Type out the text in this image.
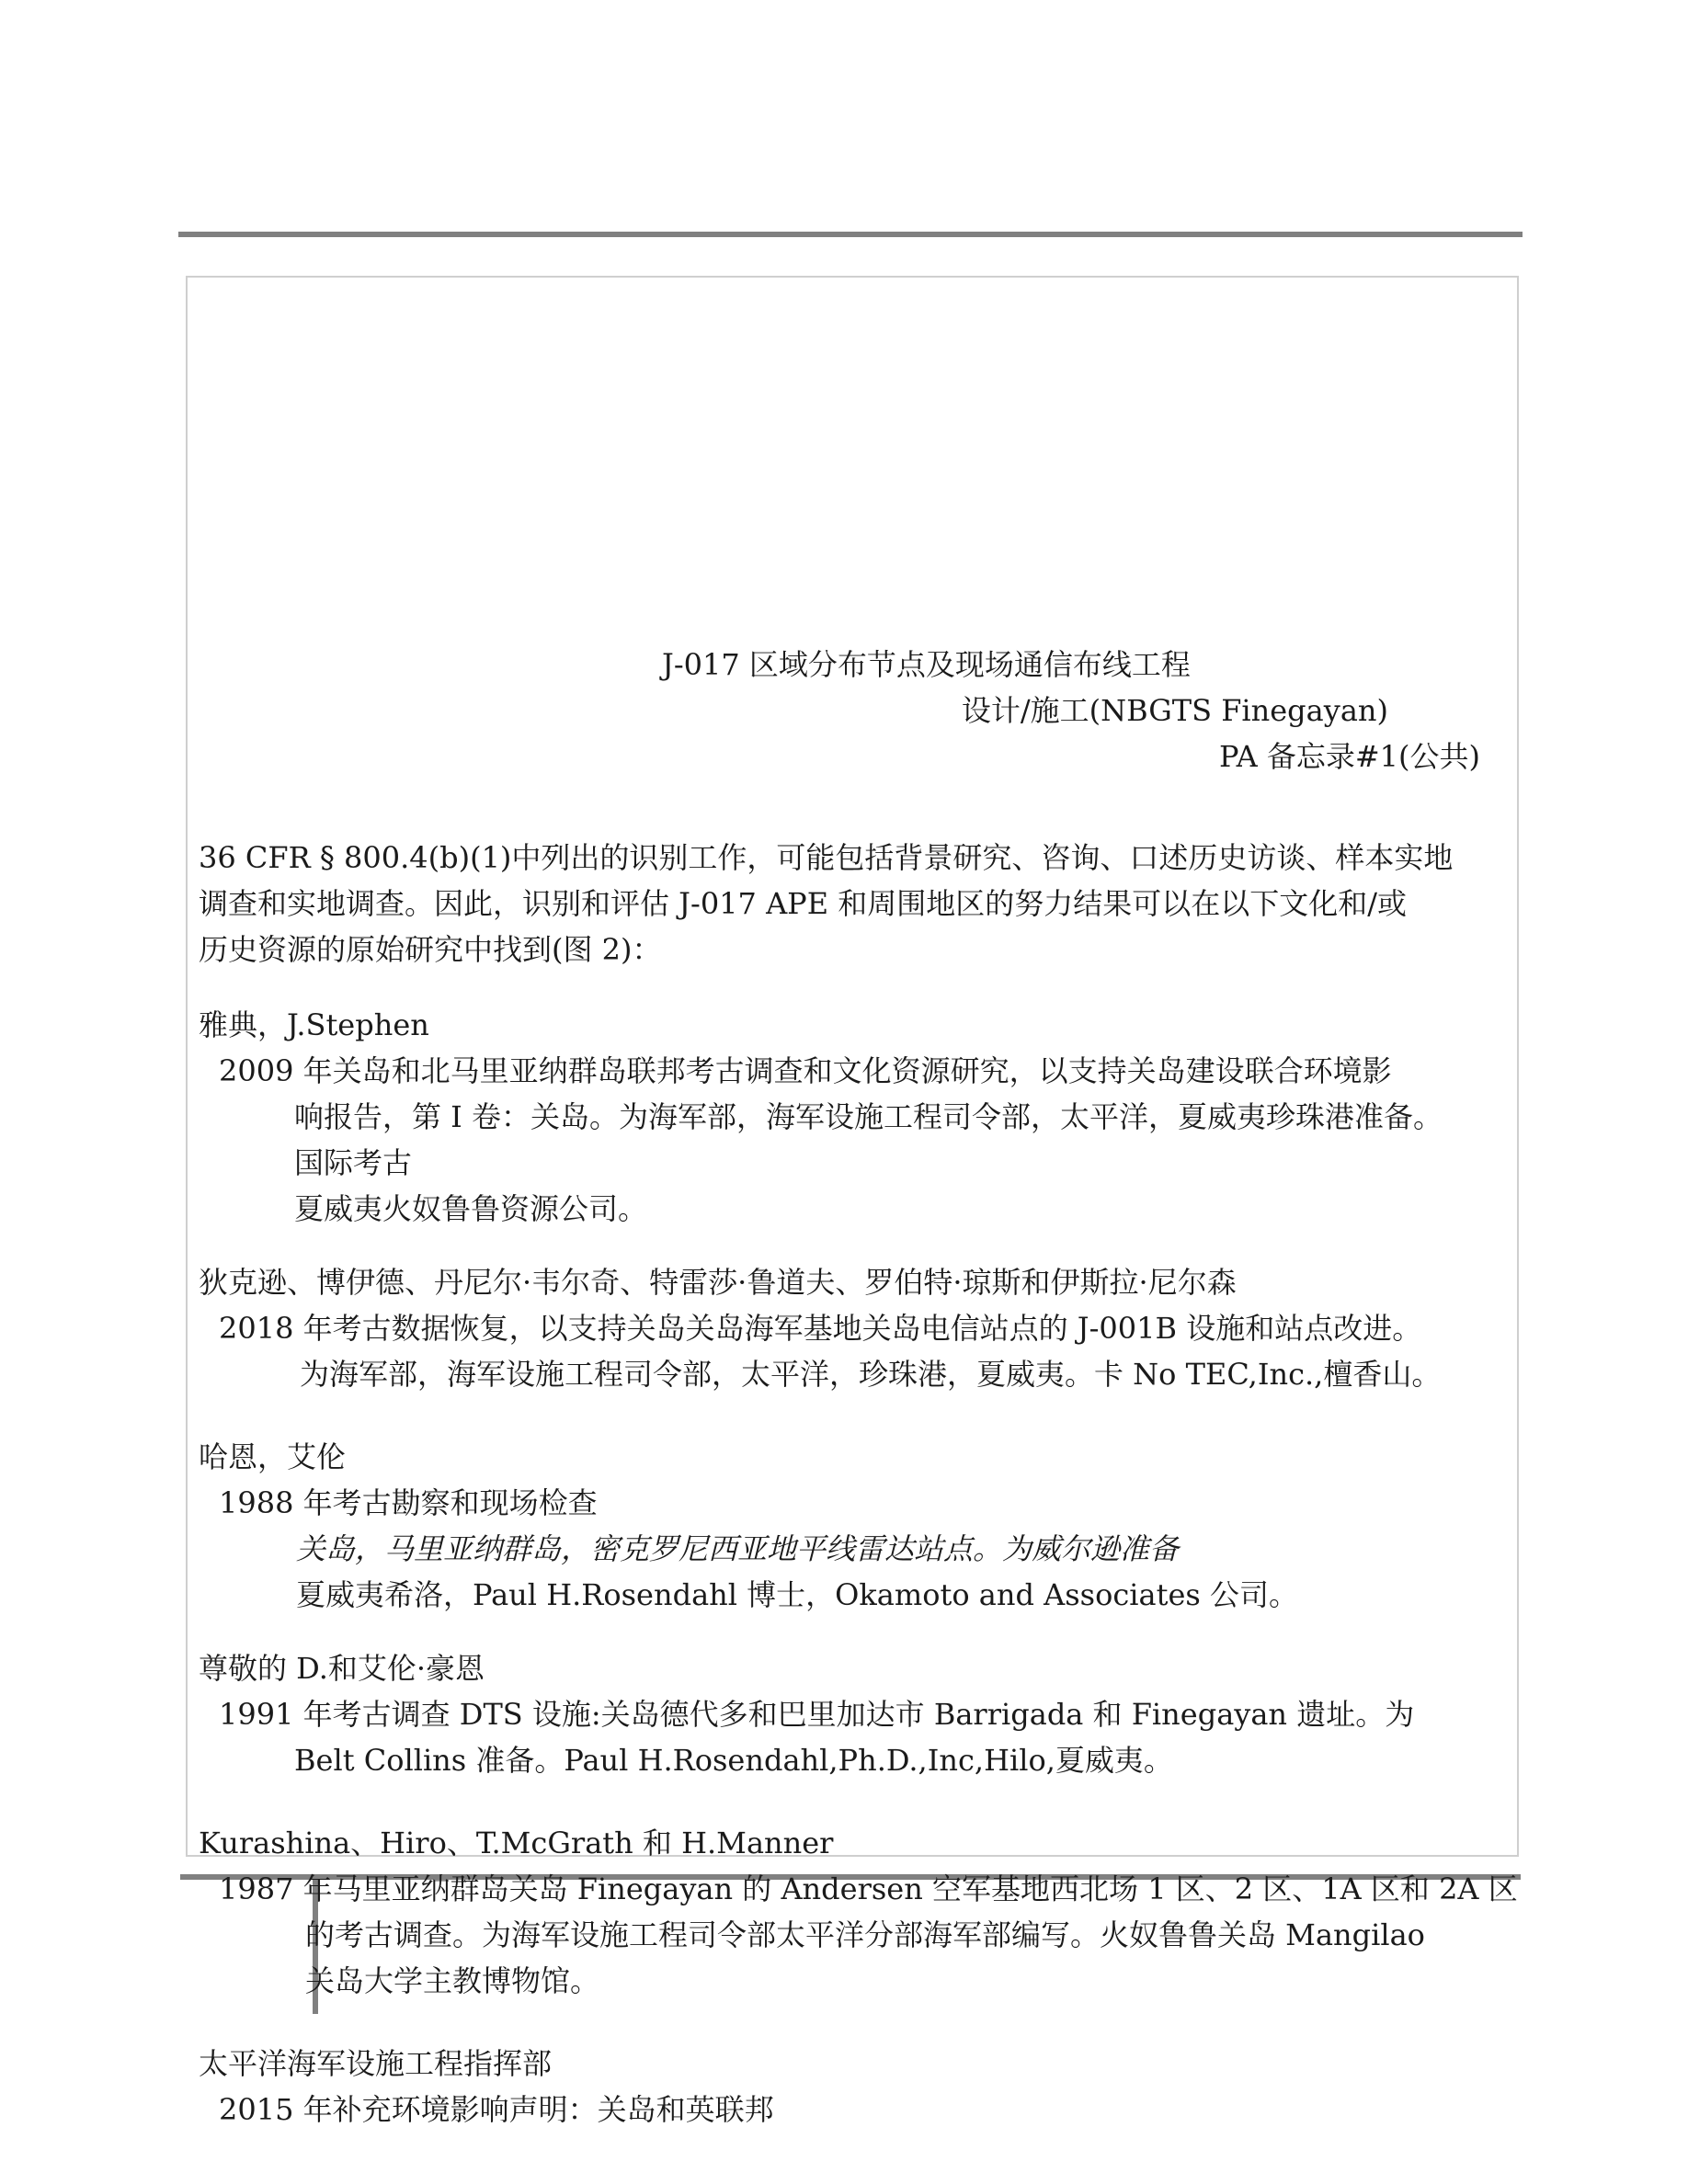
J-017 区域分布节点及现场通信布线工程
设计/施工(NBGTS Finegayan)
PA 备忘录#1(公共)
36 CFR § 800.4(b)(1)中列出的识别工作，可能包括背景研究、咨询、口述历史访谈、样本实地
调查和实地调查。因此，识别和评估 J-017 APE 和周围地区的努力结果可以在以下文化和/或
历史资源的原始研究中找到(图 2)：
雅典，J.Stephen
2009 年关岛和北马里亚纳群岛联邦考古调查和文化资源研究，以支持关岛建设联合环境影
响报告，第 I 卷：关岛。为海军部，海军设施工程司令部，太平洋，夏威夷珍珠港准备。
国际考古
夏威夷火奴鲁鲁资源公司。
狄克逊、博伊德、丹尼尔·韦尔奇、特雷莎·鲁道夫、罗伯特·琼斯和伊斯拉·尼尔森
2018 年考古数据恢复，以支持关岛关岛海军基地关岛电信站点的 J-001B 设施和站点改进。
为海军部，海军设施工程司令部，太平洋，珍珠港，夏威夷。卡 No TEC,Inc.,檀香山。
哈恩，艾伦
1988 年考古勘察和现场检查
关岛，马里亚纳群岛，密克罗尼西亚地平线雷达站点。为威尔逊准备
夏威夷希洛，Paul H.Rosendahl 博士，Okamoto and Associates 公司。
尊敬的 D.和艾伦·豪恩
1991 年考古调查 DTS 设施:关岛德代多和巴里加达市 Barrigada 和 Finegayan 遗址。为
Belt Collins 准备。Paul H.Rosendahl,Ph.D.,Inc,Hilo,夏威夷。
Kurashina、Hiro、T.McGrath 和 H.Manner
1987 年马里亚纳群岛关岛 Finegayan 的 Andersen 空军基地西北场 1 区、2 区、1A 区和 2A 区
的考古调查。为海军设施工程司令部太平洋分部海军部编写。火奴鲁鲁关岛 Mangilao
关岛大学主教博物馆。
太平洋海军设施工程指挥部
2015 年补充环境影响声明：关岛和英联邦
